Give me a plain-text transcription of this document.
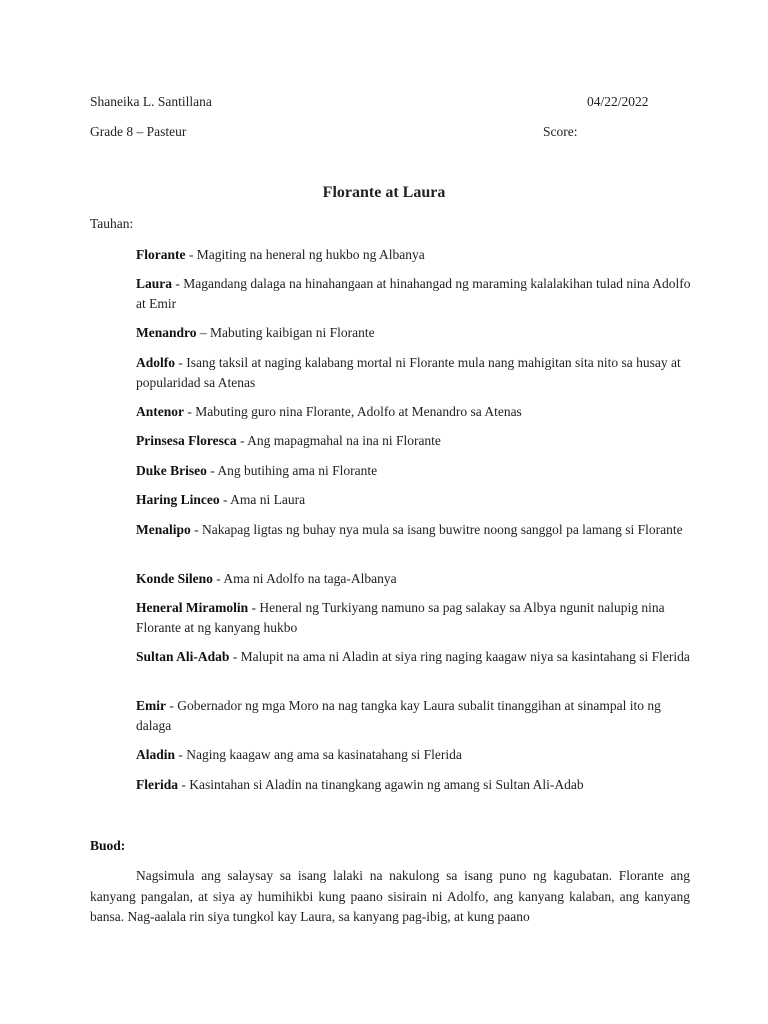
Shaneika L. Santillana	04/22/2022
Grade 8 – Pasteur	Score:
Florante at Laura
Tauhan:
Florante - Magiting na heneral ng hukbo ng Albanya
Laura - Magandang dalaga na hinahangaan at hinahangad ng maraming kalalakihan tulad nina Adolfo at Emir
Menandro – Mabuting kaibigan ni Florante
Adolfo - Isang taksil at naging kalabang mortal ni Florante mula nang mahigitan sita nito sa husay at popularidad sa Atenas
Antenor - Mabuting guro nina Florante, Adolfo at Menandro sa Atenas
Prinsesa Floresca - Ang mapagmahal na ina ni Florante
Duke Briseo - Ang butihing ama ni Florante
Haring Linceo - Ama ni Laura
Menalipo - Nakapag ligtas ng buhay nya mula sa isang buwitre noong sanggol pa lamang si Florante
Konde Sileno - Ama ni Adolfo na taga-Albanya
Heneral Miramolin - Heneral ng Turkiyang namuno sa pag salakay sa Albya ngunit nalupig nina Florante at ng kanyang hukbo
Sultan Ali-Adab - Malupit na ama ni Aladin at siya ring naging kaagaw niya sa kasintahang si Flerida
Emir - Gobernador ng mga Moro na nag tangka kay Laura subalit tinanggihan at sinampal ito ng dalaga
Aladin - Naging kaagaw ang ama sa kasinatahang si Flerida
Flerida - Kasintahan si Aladin na tinangkang agawin ng amang si Sultan Ali-Adab
Buod:
Nagsimula ang salaysay sa isang lalaki na nakulong sa isang puno ng kagubatan. Florante ang kanyang pangalan, at siya ay humihikbi kung paano sisirain ni Adolfo, ang kanyang kalaban, ang kanyang bansa. Nag-aalala rin siya tungkol kay Laura, sa kanyang pag-ibig, at kung paano
